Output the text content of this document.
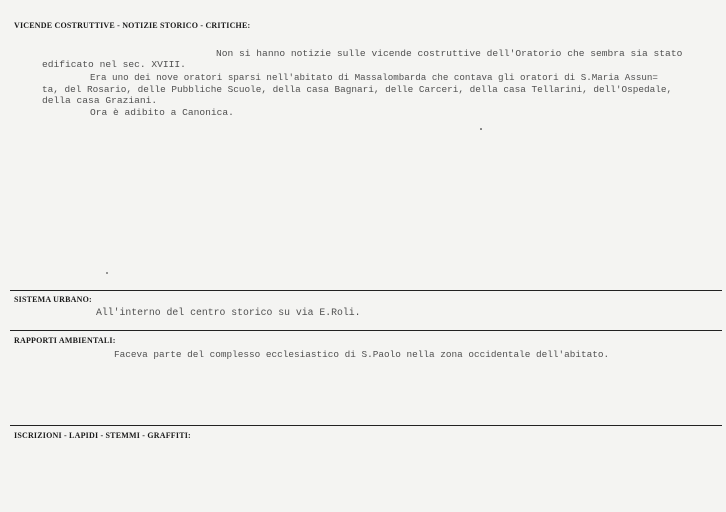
VICENDE COSTRUTTIVE - NOTIZIE STORICO - CRITICHE:
Non si hanno notizie sulle vicende costruttive dell'Oratorio che sembra sia stato
edificato nel sec. XVIII.
Era uno dei nove oratori sparsi nell'abitato di Massalombarda che contava gli oratori di S.Maria Assun=
ta, del Rosario, delle Pubbliche Scuole, della casa Bagnari, delle Carceri, della casa Tellarini, dell'Ospedale,
della casa Graziani.
Ora è adibito a Canonica.
SISTEMA URBANO:
All'interno del centro storico su via E.Roli.
RAPPORTI AMBIENTALI:
Faceva parte del complesso ecclesiastico di S.Paolo nella zona occidentale dell'abitato.
ISCRIZIONI - LAPIDI - STEMMI - GRAFFITI:
